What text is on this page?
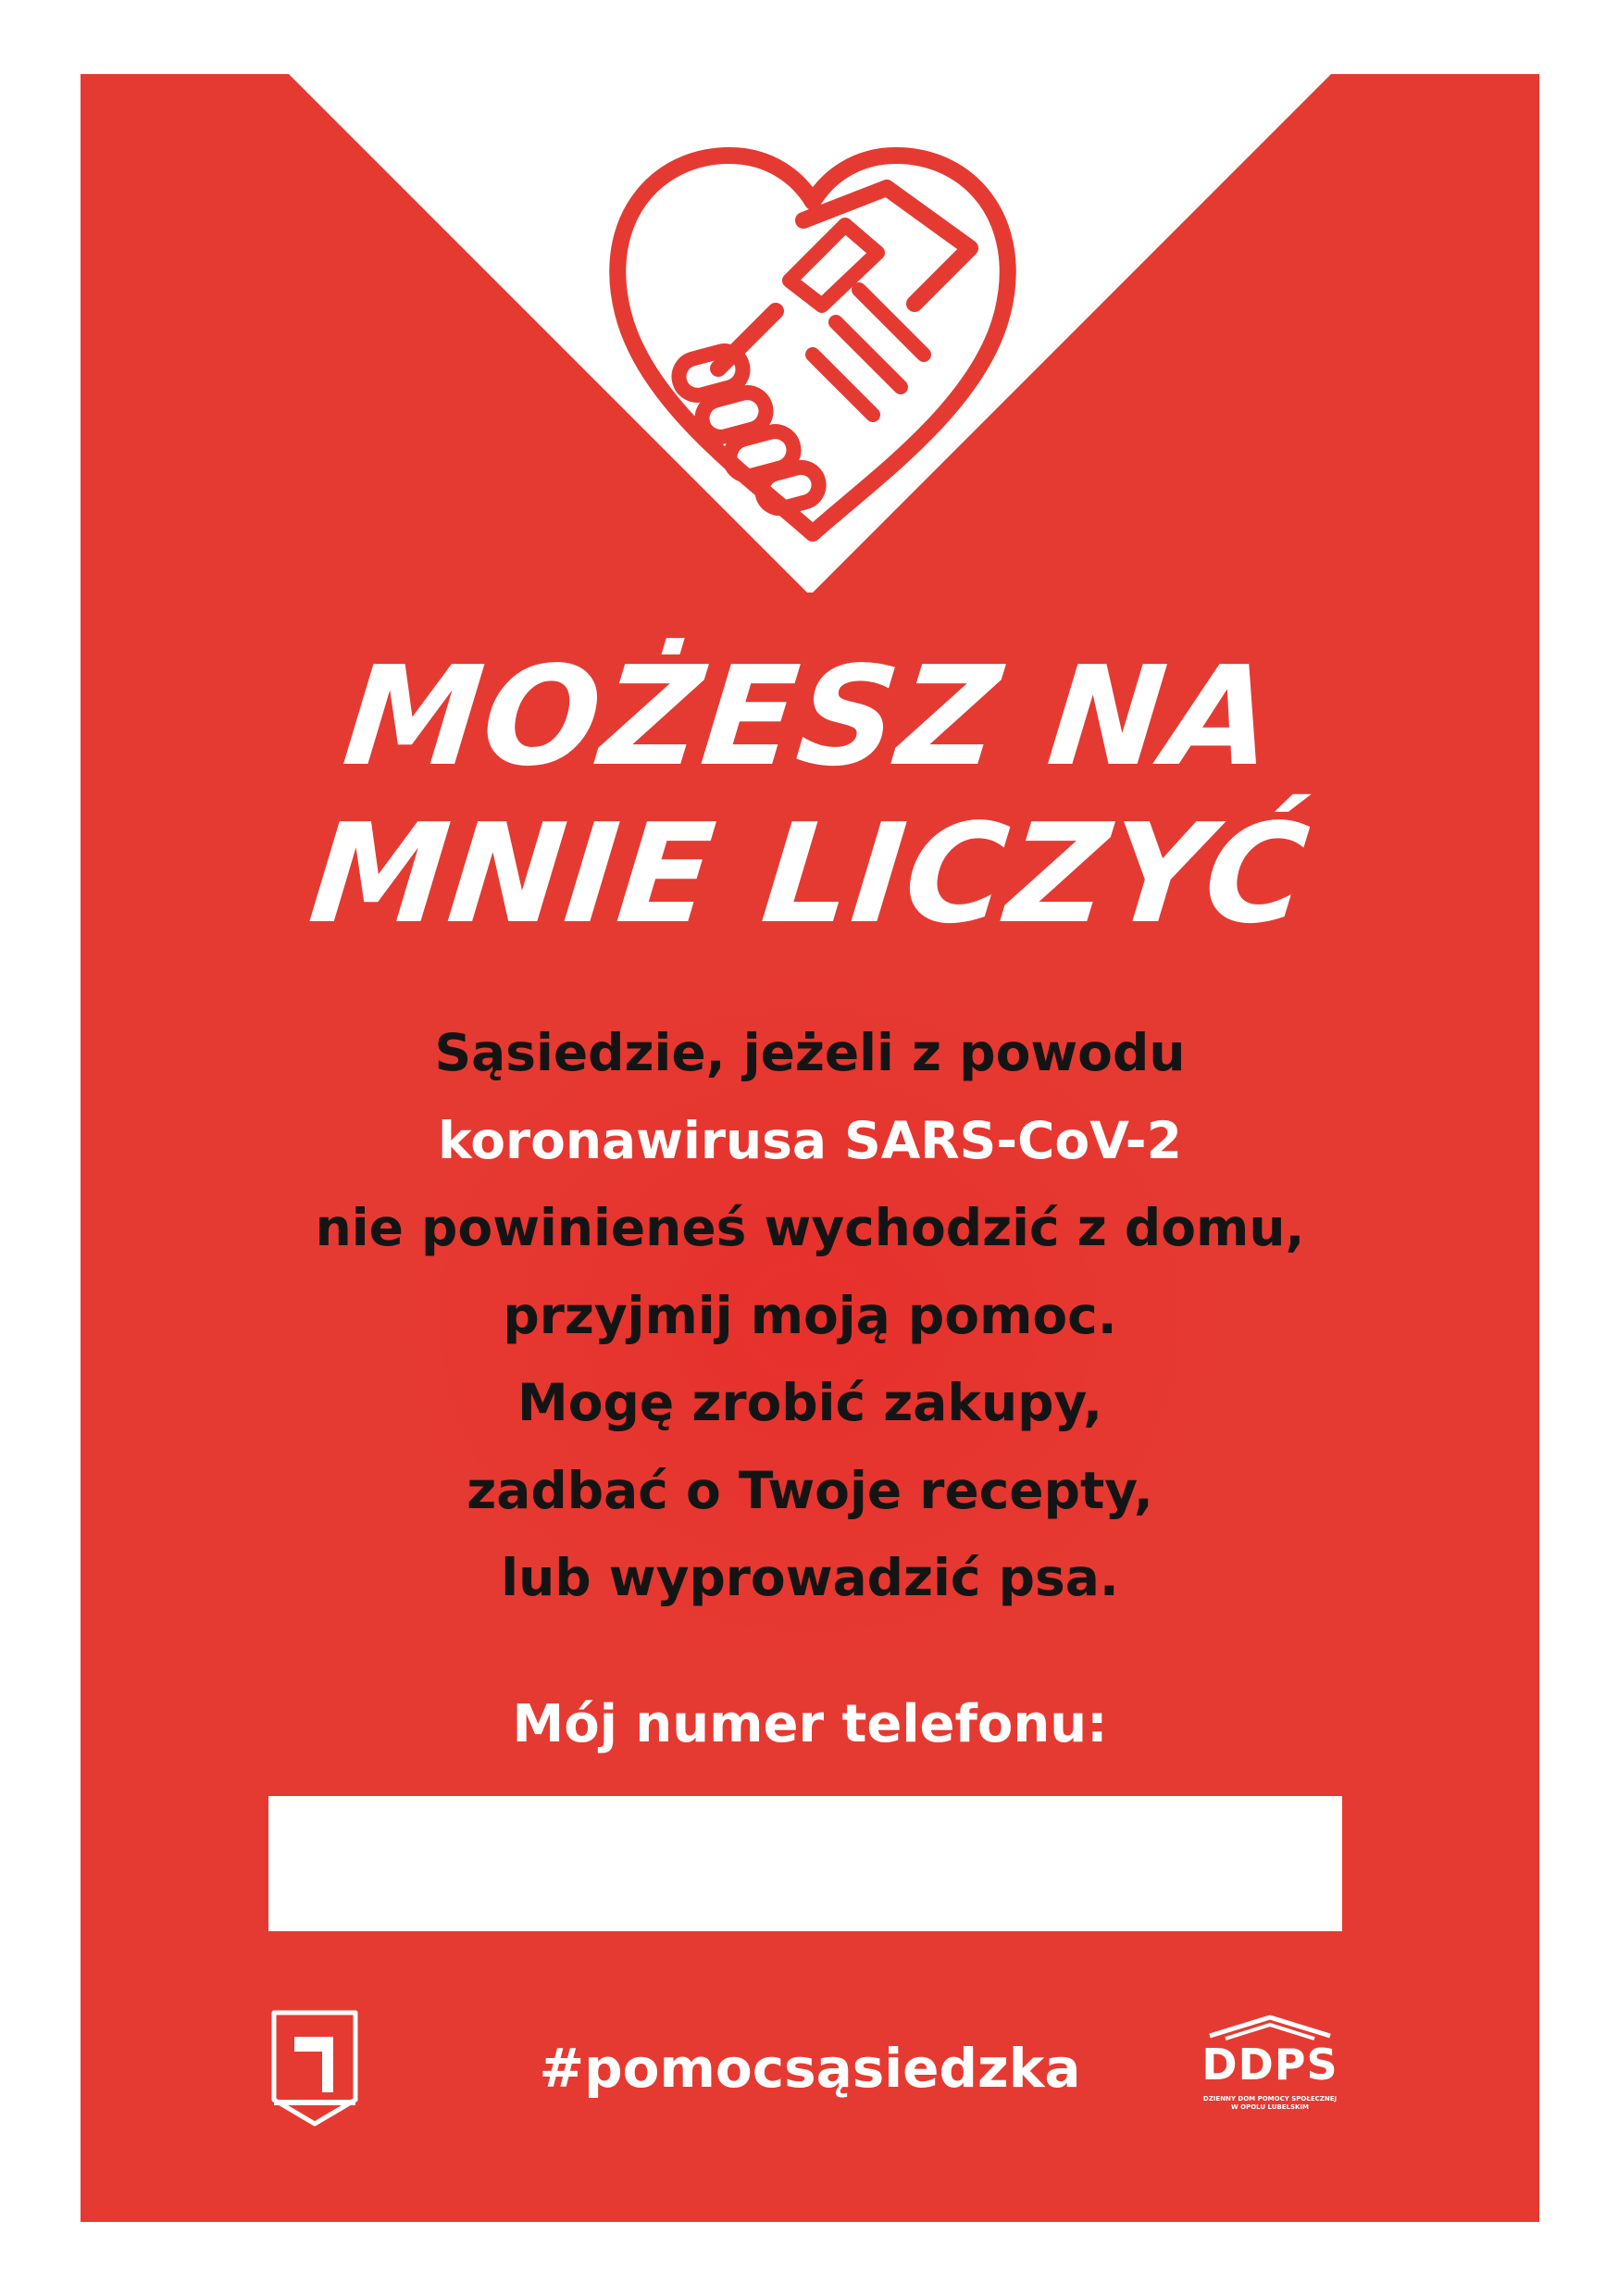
MOŻESZ NA
MNIE LICZYĆ
Sąsiedzie, jeżeli z powodu
koronawirusa SARS-CoV-2
nie powinieneś wychodzić z domu,
przyjmij moją pomoc.
Mogę zrobić zakupy,
zadbać o Twoje recepty,
lub wyprowadzić psa.
Mój numer telefonu:
#pomocsąsiedzka	DDPS
DZIENNY DOM POMOCY SPOŁECZNEJ
W OPOLU LUBELSKIM
